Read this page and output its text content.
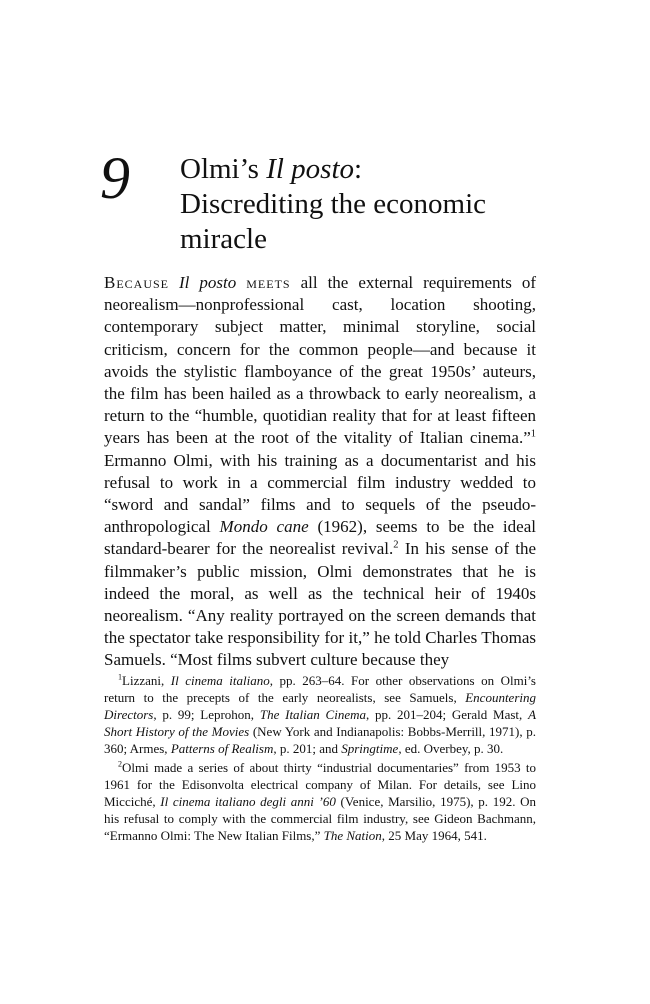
9 Olmi’s Il posto:
Discrediting the economic
miracle

Because Il posto meets all the external requirements of neorealism—nonprofessional cast, location shooting, contemporary subject matter, minimal storyline, social criticism, concern for the common people—and because it avoids the stylistic flamboyance of the great 1950s’ auteurs, the film has been hailed as a throwback to early neorealism, a return to the “humble, quotidian reality that for at least fifteen years has been at the root of the vitality of Italian cinema.”$^1$ Ermanno Olmi, with his training as a documentarist and his refusal to work in a commercial film industry wedded to “sword and sandal” films and to sequels of the pseudo-anthropological Mondo cane (1962), seems to be the ideal standard-bearer for the neorealist revival.$^2$ In his sense of the filmmaker’s public mission, Olmi demonstrates that he is indeed the moral, as well as the technical heir of 1940s neorealism. “Any reality portrayed on the screen demands that the spectator take responsibility for it,” he told Charles Thomas Samuels. “Most films subvert culture because they

$^1$Lizzani, Il cinema italiano, pp. 263–64. For other observations on Olmi’s return to the precepts of the early neorealists, see Samuels, Encountering Directors, p. 99; Leprohon, The Italian Cinema, pp. 201–204; Gerald Mast, A Short History of the Movies (New York and Indianapolis: Bobbs-Merrill, 1971), p. 360; Armes, Patterns of Realism, p. 201; and Springtime, ed. Overbey, p. 30.

$^2$Olmi made a series of about thirty “industrial documentaries” from 1953 to 1961 for the Edisonvolta electrical company of Milan. For details, see Lino Micciché, Il cinema italiano degli anni ’60 (Venice, Marsilio, 1975), p. 192. On his refusal to comply with the commercial film industry, see Gideon Bachmann, “Ermanno Olmi: The New Italian Films,” The Nation, 25 May 1964, 541.
